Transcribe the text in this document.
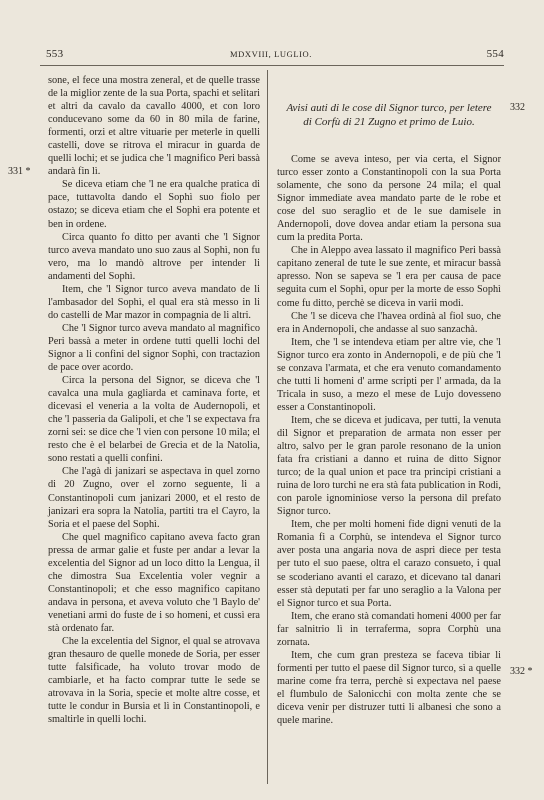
553	MDXVIII, LUGLIO.	554
331 *
332
332 *

sone, el fece una mostra zeneral, et de quelle trasse de la miglior zente de la sua Porta, spachi et selitari et altri da cavalo da cavallo 4000, et con loro conducevano some da 60 in 80 mila de farine, formenti, orzi et altre vituarie per meterle in quelli castelli, dove se ritrova el miracur in guarda de quelli lochi; et se judica che 'l magnifico Peri bassà andarà fin lì.

Se diceva etiam che 'l ne era qualche pratica di pace, tuttavolta dando el Sophì suo fiolo per ostazo; se diceva etiam che el Sophì era potente et ben in ordene.

Circa quanto fo ditto per avanti che 'l Signor turco aveva mandato uno suo zaus al Sophì, non fu vero, ma lo mandò altrove per intender li andamenti del Sophì.

Item, che 'l Signor turco aveva mandato de li l'ambasador del Sophì, el qual era stà messo in li do castelli de Mar mazor in compagnia de li altri.

Che 'l Signor turco aveva mandato al magnifico Peri bassà a meter in ordene tutti quelli lochi del Signor a li confini del signor Sophì, con tractazion de pace over acordo.

Circa la persona del Signor, se diceva che 'l cavalca una mula gagliarda et caminava forte, et dicevasi el veneria a la volta de Audernopoli, et che 'l passeria da Galipoli, et che 'l se expectava fra zorni sei: se dice che 'l vien con persone 10 mila; el resto che è el belarbei de Grecia et de la Natolia, sono restati a quelli confini.

Che l'agà di janizari se aspectava in quel zorno di 20 Zugno, over el zorno seguente, li a Constantinopoli cum janizari 2000, et el resto de janizari era sopra la Natolia, partiti tra el Cayro, la Soria et el paese del Sophì.

Che quel magnifico capitano aveva facto gran pressa de armar galie et fuste per andar a levar la excelentia del Signor ad un loco ditto la Lengua, il che dimostra Sua Excelentia voler vegnir a Constantinopoli; et che esso magnifico capitano andava in persona, et aveva voluto che 'l Baylo de' venetiani armi do fuste de i so homeni, et cussì era stà ordenato far.

Che la excelentia del Signor, el qual se atrovava gran thesauro de quelle monede de Soria, per esser tutte falsificade, ha voluto trovar modo de cambiarle, et ha facto comprar tutte le sede se atrovava in la Soria, specie et molte altre cosse, et tutte le condur in Bursia et lì in Constantinopoli, e smaltirle in quelli lochi.

Avisi auti di le cose dil Signor turco, per letere di Corfù di 21 Zugno et primo de Luio.

Come se aveva inteso, per via certa, el Signor turco esser zonto a Constantinopoli con la sua Porta solamente, che sono da persone 24 mila; el qual Signor immediate avea mandato parte de le robe et cose del suo seraglio et de le sue damisele in Andernopoli, dove dovea andar etiam la persona sua cum la predita Porta.

Che in Aleppo avea lassato il magnifico Peri bassà capitano zeneral de tute le sue zente, et miracur bassà apresso. Non se sapeva se 'l era per causa de pace seguita cum el Sophì, opur per la morte de esso Sophì come fu ditto, perchè se diceva in varii modi.

Che 'l se diceva che l'havea ordinà al fiol suo, che era in Andernopoli, che andasse al suo sanzachà.

Item, che 'l se intendeva etiam per altre vie, che 'l Signor turco era zonto in Andernopoli, e de più che 'l se conzava l'armata, et che era venuto comandamento che tutti li homeni d' arme scripti per l' armada, da la Tricala in suso, a mezo el mese de Lujo dovesseno esser a Constantinopoli.

Item, che se diceva et judicava, per tutti, la venuta dil Signor et preparation de armata non esser per altro, salvo per le gran parole resonano de la union fata fra cristiani a danno et ruina de ditto Signor turco; de la qual union et pace tra principi cristiani a ruina de loro turchi ne era stà fata publication in Rodi, con parole ignominiose verso la persona dil prefato Signor turco.

Item, che per molti homeni fide digni venuti de la Romania fi a Corphù, se intendeva el Signor turco aver posta una angaria nova de aspri diece per testa per tuto el suo paese, oltra el carazo consueto, i qual se scoderiano avanti el carazo, et dicevano tal danari esser stà deputati per far uno seraglio a la Valona per el Signor turco et sua Porta.

Item, che erano stà comandati homeni 4000 per far far salnitrio lì in terraferma, sopra Corphù una zornata.

Item, che cum gran presteza se faceva tibiar li formenti per tutto el paese dil Signor turco, sì a quelle marine come fra terra, perchè si expectava nel paese el flumbulo de Salonicchi con molta zente che se diceva venir per distruzer tutti li albanesi che sono a quele marine.
